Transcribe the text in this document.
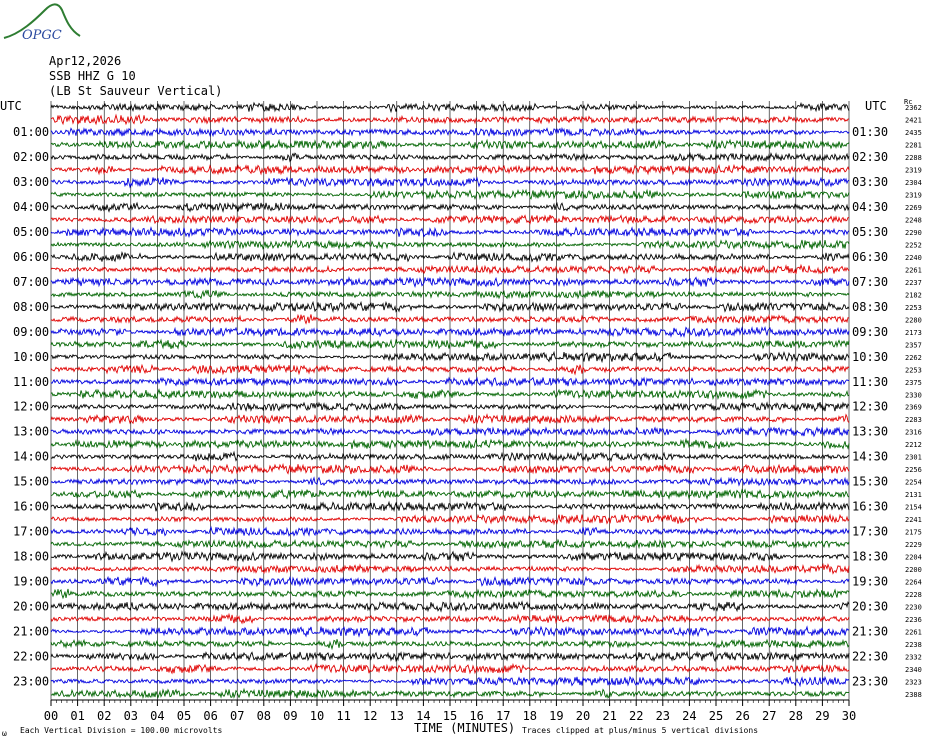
OPGC
Apr12,2026
SSB HHZ G 10
(LB St Sauveur Vertical)
UTC	UTC Rc
01:00
02:00
03:00
04:00
05:00
06:00
07:00
08:00
09:00
10:00
11:00
12:00
13:00
14:00
15:00
16:00
17:00
18:00
19:00
20:00
21:00
22:00
23:00
01:30
02:30
03:30
04:30
05:30
06:30
07:30
08:30
09:30
10:30
11:30
12:30
13:30
14:30
15:30
16:30
17:30
18:30
19:30
20:30
21:30
22:30
23:30
2362
2421
2435
2281
2288
2319
2304
2319
2269
2248
2290
2252
2240
2261
2237
2182
2253
2280
2173
2357
2262
2253
2375
2330
2369
2283
2316
2212
2301
2256
2254
2131
2154
2241
2175
2229
2204
2200
2264
2228
2230
2236
2261
2238
2332
2340
2323
2388
00 01 02 03 04 05 06 07 08 09 10 11 12 13 14 15 16 17 18 19 20 21 22 23 24 25 26 27 28 29 30
TIME (MINUTES)
Each Vertical Division = 100.00 microvolts	Traces clipped at plus/minus 5 vertical divisions
ω
